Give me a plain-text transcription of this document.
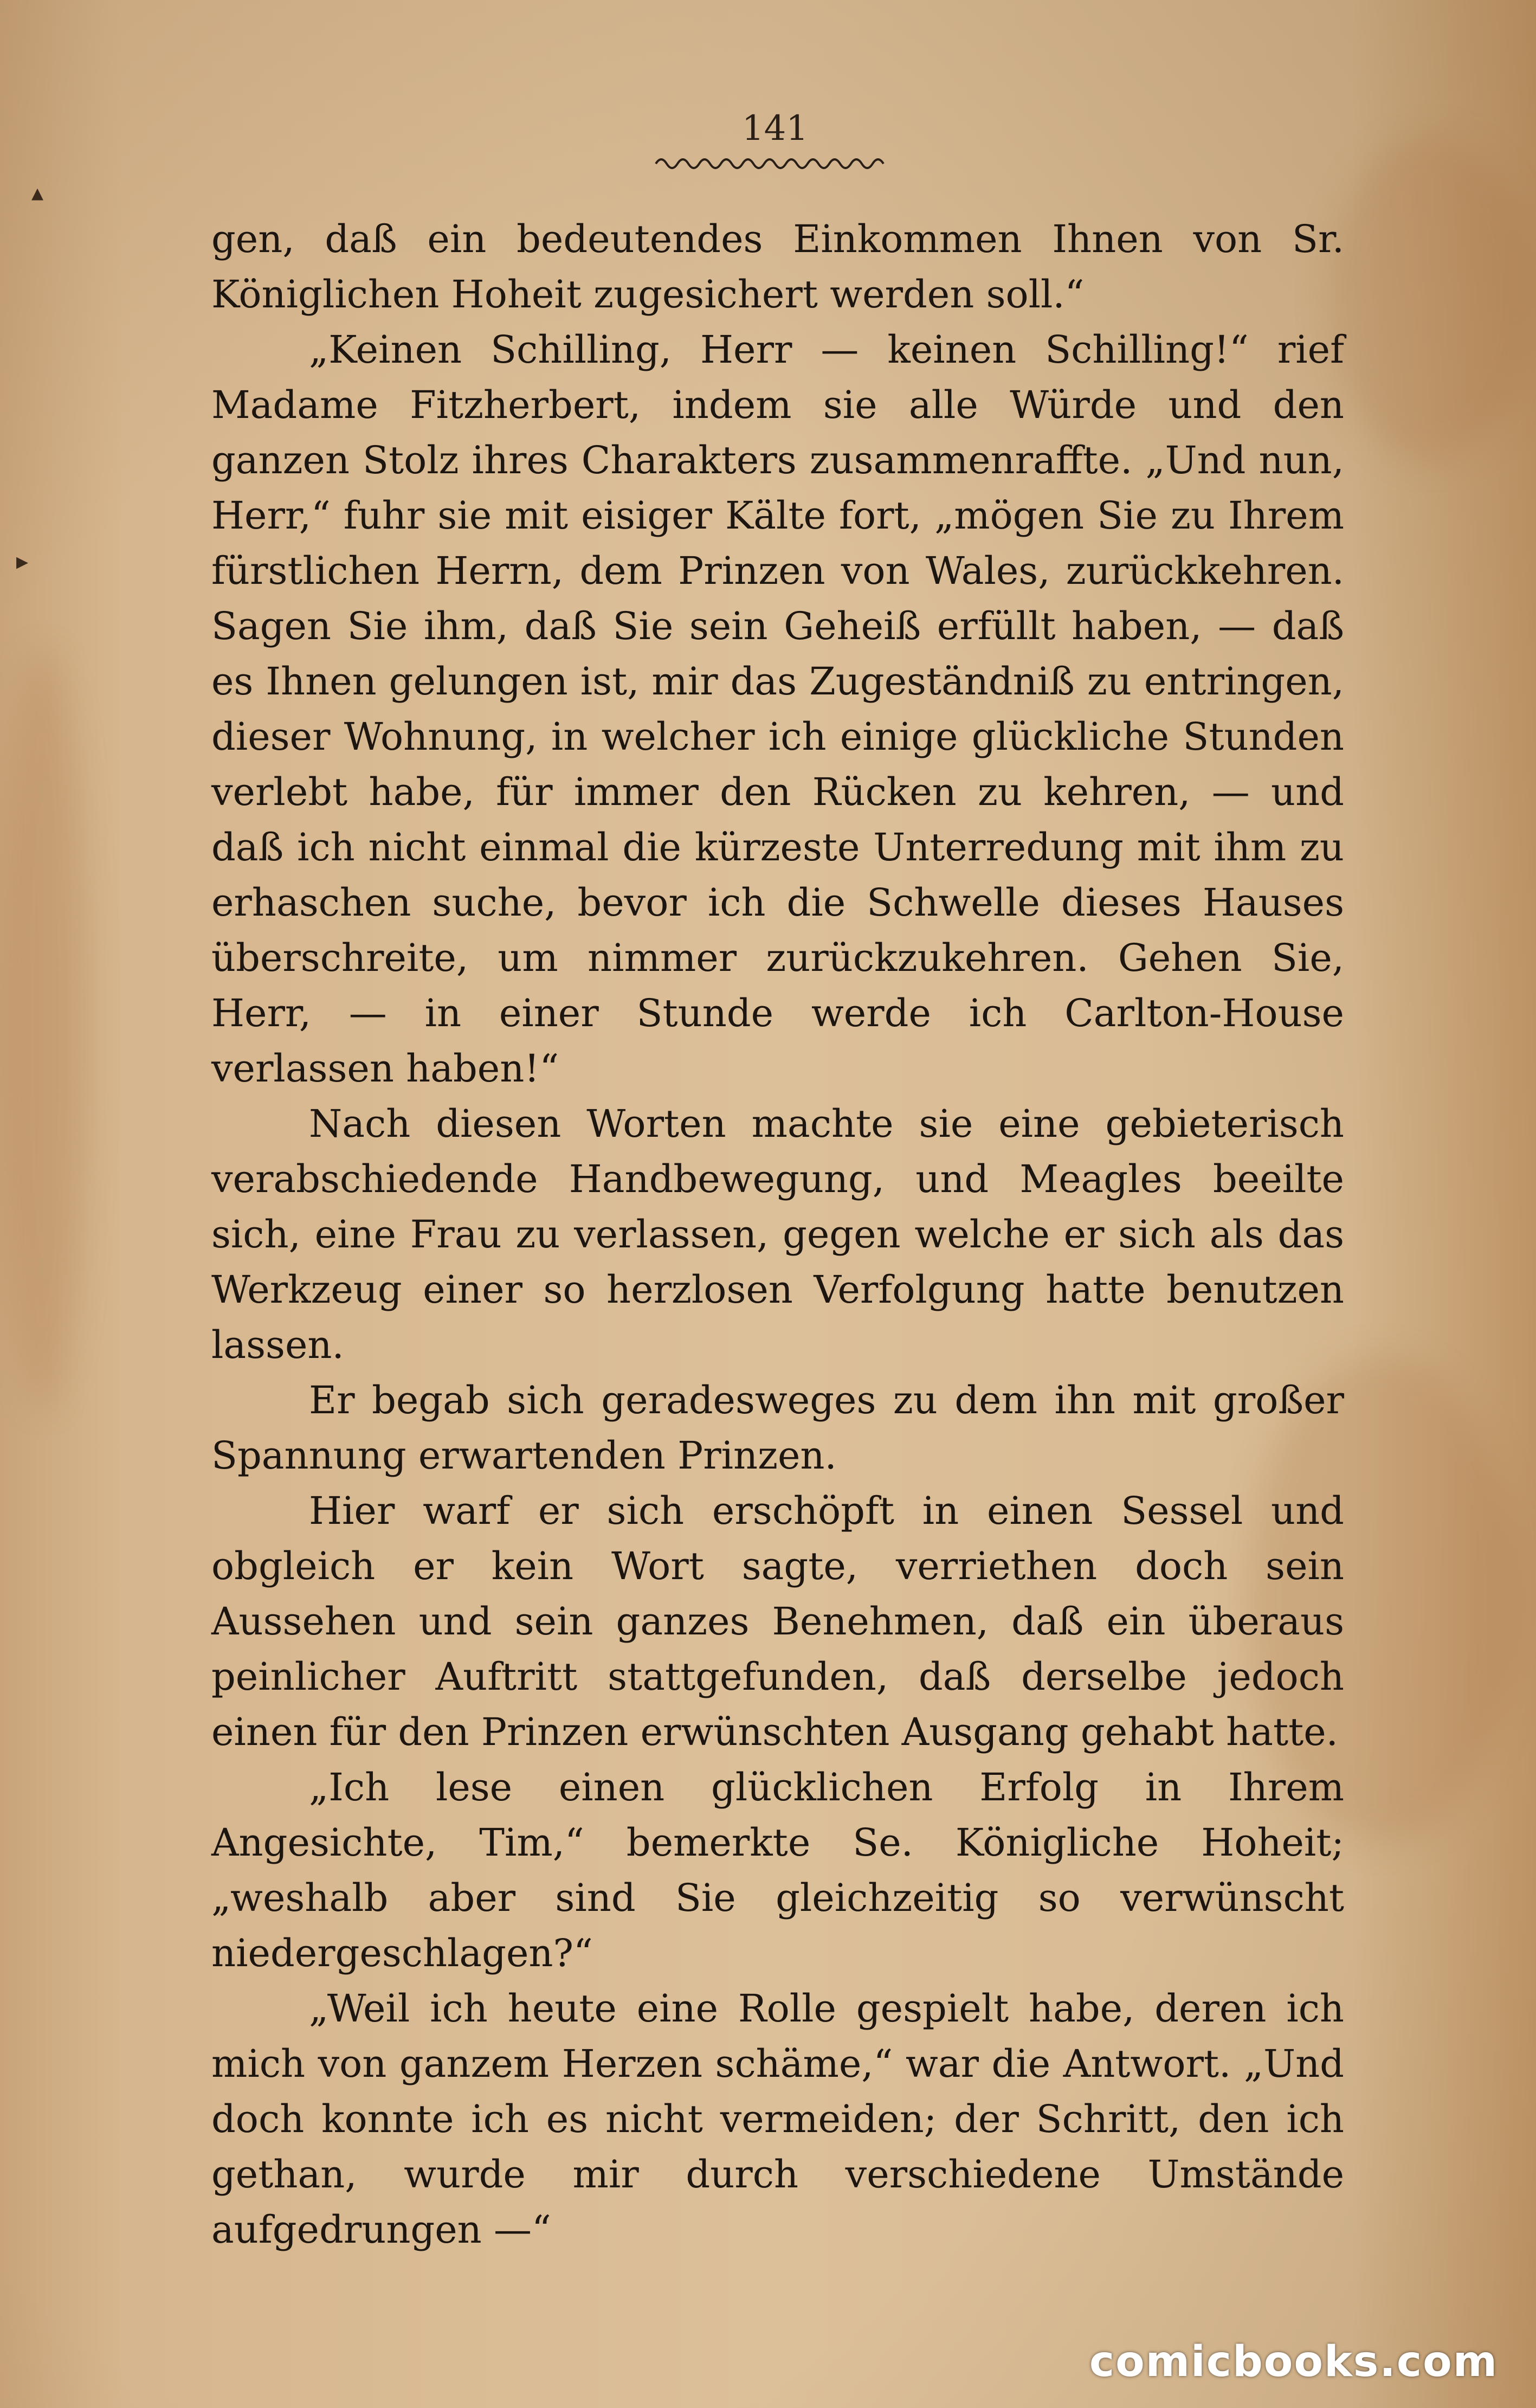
141
▴
▸

gen, daß ein bedeutendes Einkommen Ihnen von Sr. Königlichen Hoheit zugesichert werden soll.“

„Keinen Schilling, Herr — keinen Schilling!“ rief Madame Fitzherbert, indem sie alle Würde und den ganzen Stolz ihres Charakters zusammenraffte. „Und nun, Herr,“ fuhr sie mit eisiger Kälte fort, „mögen Sie zu Ihrem fürstlichen Herrn, dem Prinzen von Wales, zurückkehren. Sagen Sie ihm, daß Sie sein Geheiß erfüllt haben, — daß es Ihnen gelungen ist, mir das Zugeständniß zu entringen, dieser Wohnung, in welcher ich einige glückliche Stunden verlebt habe, für immer den Rücken zu kehren, — und daß ich nicht einmal die kürzeste Unterredung mit ihm zu erhaschen suche, bevor ich die Schwelle dieses Hauses überschreite, um nimmer zurückzukehren. Gehen Sie, Herr, — in einer Stunde werde ich Carlton-House verlassen haben!“

Nach diesen Worten machte sie eine gebieterisch verabschiedende Handbewegung, und Meagles beeilte sich, eine Frau zu verlassen, gegen welche er sich als das Werkzeug einer so herzlosen Verfolgung hatte benutzen lassen.

Er begab sich geradesweges zu dem ihn mit großer Spannung erwartenden Prinzen.

Hier warf er sich erschöpft in einen Sessel und obgleich er kein Wort sagte, verriethen doch sein Aussehen und sein ganzes Benehmen, daß ein überaus peinlicher Auftritt stattgefunden, daß derselbe jedoch einen für den Prinzen erwünschten Ausgang gehabt hatte.

„Ich lese einen glücklichen Erfolg in Ihrem Angesichte, Tim,“ bemerkte Se. Königliche Hoheit; „weshalb aber sind Sie gleichzeitig so verwünscht niedergeschlagen?“

„Weil ich heute eine Rolle gespielt habe, deren ich mich von ganzem Herzen schäme,“ war die Antwort. „Und doch konnte ich es nicht vermeiden; der Schritt, den ich gethan, wurde mir durch verschiedene Umstände aufgedrungen —“

comicbooks.com
